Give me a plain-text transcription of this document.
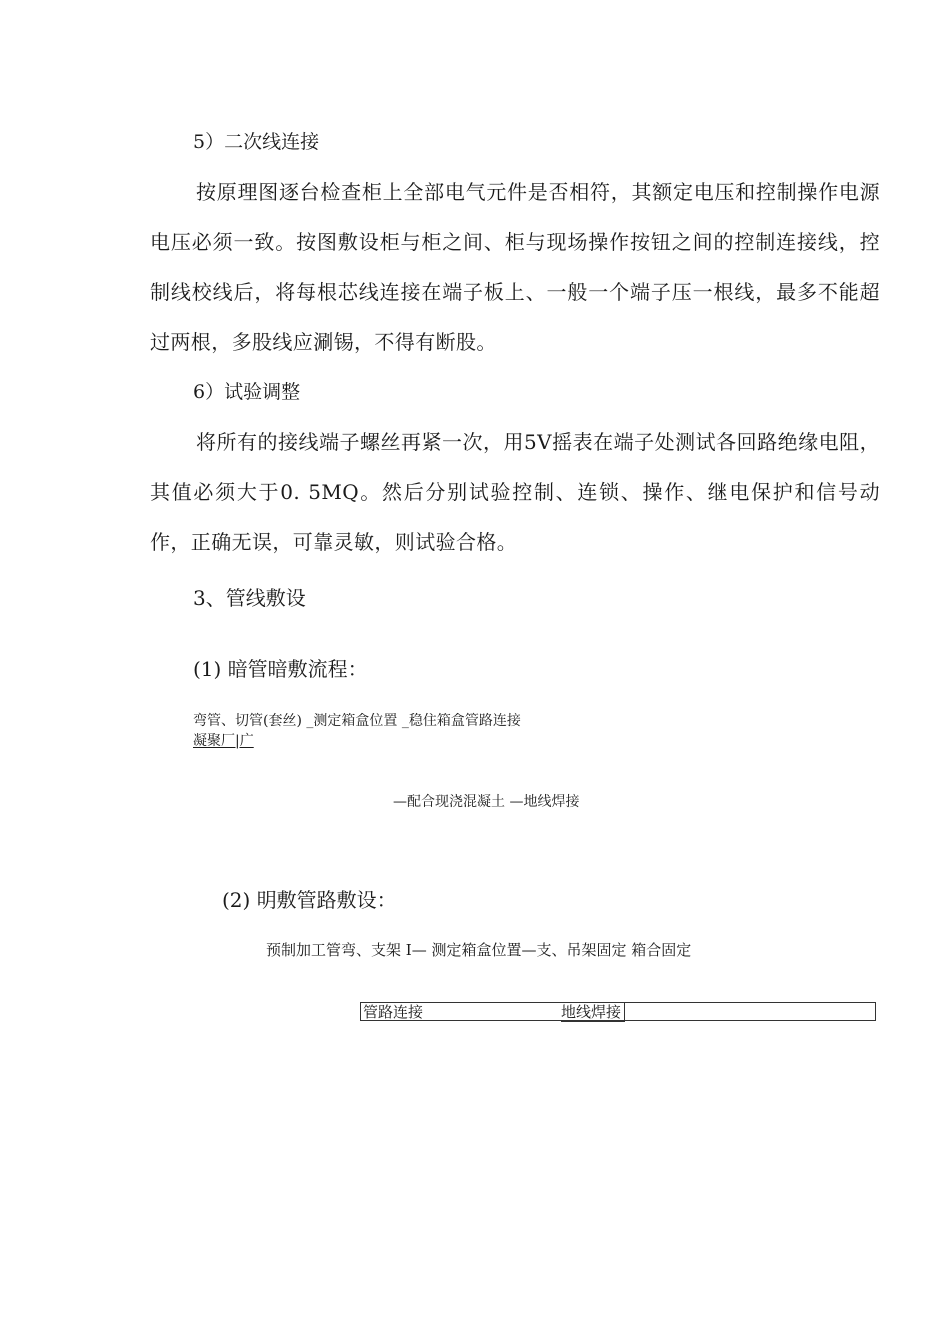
5）二次线连接
按原理图逐台检查柜上全部电气元件是否相符，其额定电压和控制操作电源电压必须一致。按图敷设柜与柜之间、柜与现场操作按钮之间的控制连接线，控制线校线后，将每根芯线连接在端子板上、一般一个端子压一根线，最多不能超过两根，多股线应涮锡，不得有断股。
6）试验调整
将所有的接线端子螺丝再紧一次，用5V摇表在端子处测试各回路绝缘电阻，其值必须大于0. 5MQ。然后分别试验控制、连锁、操作、继电保护和信号动作，正确无误，可靠灵敏，则试验合格。
3、管线敷设
(1) 暗管暗敷流程：
弯管、切管(套丝) _测定箱盒位置 _稳住箱盒管路连接
凝聚厂|广
—配合现浇混凝土 —地线焊接
(2) 明敷管路敷设：
预制加工管弯、支架 I— 测定箱盒位置—支、吊架固定 箱合固定
管路连接	地线焊接
